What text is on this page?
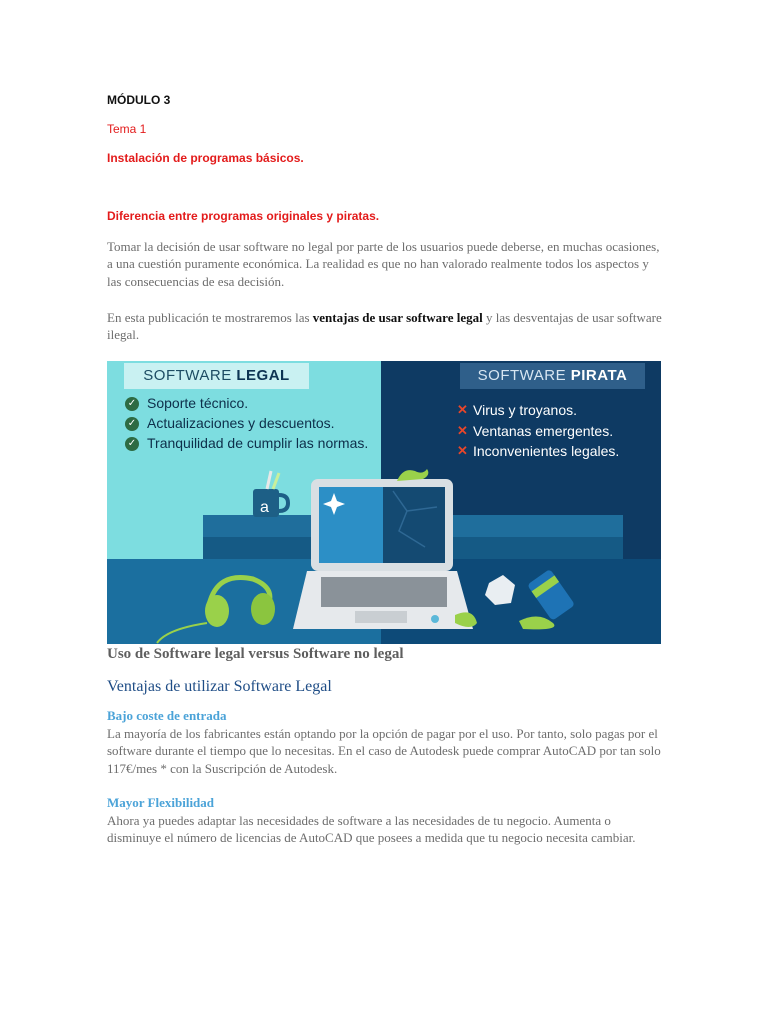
MÓDULO 3
Tema 1
Instalación de programas básicos.
Diferencia entre programas originales y piratas.
Tomar la decisión de usar software no legal por parte de los usuarios puede deberse, en muchas ocasiones, a una cuestión puramente económica. La realidad es que no han valorado realmente todos los aspectos y las consecuencias de esa decisión.
En esta publicación te mostraremos las ventajas de usar software legal y las desventajas de usar software ilegal.
a
SOFTWARE LEGAL	SOFTWARE PIRATA
✓ Soporte técnico.
✓ Actualizaciones y descuentos.
✓ Tranquilidad de cumplir las normas.
✕ Virus y troyanos.
✕ Ventanas emergentes.
✕ Inconvenientes legales.
Uso de Software legal versus Software no legal
Ventajas de utilizar Software Legal
Bajo coste de entrada
La mayoría de los fabricantes están optando por la opción de pagar por el uso. Por tanto, solo pagas por el software durante el tiempo que lo necesitas. En el caso de Autodesk puede comprar AutoCAD por tan solo 117€/mes * con la Suscripción de Autodesk.
Mayor Flexibilidad
Ahora ya puedes adaptar las necesidades de software a las necesidades de tu negocio. Aumenta o disminuye el número de licencias de AutoCAD que posees a medida que tu negocio necesita cambiar.
